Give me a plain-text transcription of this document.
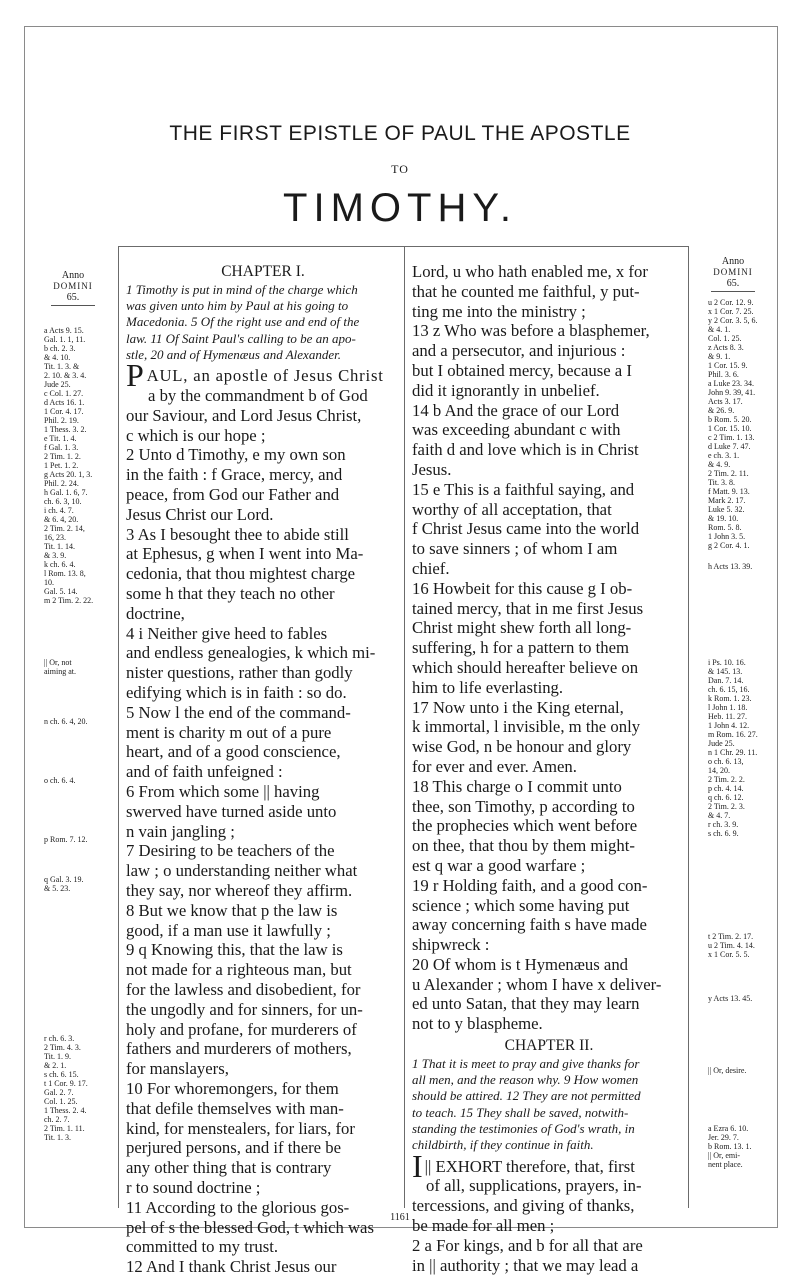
THE FIRST EPISTLE OF PAUL THE APOSTLE
TO
TIMOTHY.
Anno
DOMINI
65.
Anno
DOMINI
65.
a Acts 9. 15.
Gal. 1. 1, 11.
b ch. 2. 3.
& 4. 10.
Tit. 1. 3. &
2. 10. & 3. 4.
Jude 25.
c Col. 1. 27.
d Acts 16. 1.
1 Cor. 4. 17.
Phil. 2. 19.
1 Thess. 3. 2.
e Tit. 1. 4.
f Gal. 1. 3.
2 Tim. 1. 2.
1 Pet. 1. 2.
g Acts 20. 1, 3.
Phil. 2. 24.
h Gal. 1. 6, 7.
ch. 6. 3, 10.
i ch. 4. 7.
& 6. 4, 20.
2 Tim. 2. 14,
16, 23.
Tit. 1. 14.
& 3. 9.
k ch. 6. 4.
l Rom. 13. 8,
10.
Gal. 5. 14.
m 2 Tim. 2. 22.
|| Or, not
aiming at.
n ch. 6. 4, 20.
o ch. 6. 4.
p Rom. 7. 12.
q Gal. 3. 19.
& 5. 23.
r ch. 6. 3.
2 Tim. 4. 3.
Tit. 1. 9.
& 2. 1.
s ch. 6. 15.
t 1 Cor. 9. 17.
Gal. 2. 7.
Col. 1. 25.
1 Thess. 2. 4.
ch. 2. 7.
2 Tim. 1. 11.
Tit. 1. 3.
u 2 Cor. 12. 9.
x 1 Cor. 7. 25.
y 2 Cor. 3. 5, 6.
& 4. 1.
Col. 1. 25.
z Acts 8. 3.
& 9. 1.
1 Cor. 15. 9.
Phil. 3. 6.
a Luke 23. 34.
John 9. 39, 41.
Acts 3. 17.
& 26. 9.
b Rom. 5. 20.
1 Cor. 15. 10.
c 2 Tim. 1. 13.
d Luke 7. 47.
e ch. 3. 1.
& 4. 9.
2 Tim. 2. 11.
Tit. 3. 8.
f Matt. 9. 13.
Mark 2. 17.
Luke 5. 32.
& 19. 10.
Rom. 5. 8.
1 John 3. 5.
g 2 Cor. 4. 1.
h Acts 13. 39.
i Ps. 10. 16.
& 145. 13.
Dan. 7. 14.
ch. 6. 15, 16.
k Rom. 1. 23.
l John 1. 18.
Heb. 11. 27.
1 John 4. 12.
m Rom. 16. 27.
Jude 25.
n 1 Chr. 29. 11.
o ch. 6. 13,
14, 20.
2 Tim. 2. 2.
p ch. 4. 14.
q ch. 6. 12.
2 Tim. 2. 3.
& 4. 7.
r ch. 3. 9.
s ch. 6. 9.
t 2 Tim. 2. 17.
u 2 Tim. 4. 14.
x 1 Cor. 5. 5.
y Acts 13. 45.
|| Or, desire.
a Ezra 6. 10.
Jer. 29. 7.
b Rom. 13. 1.
|| Or, emi-
nent place.
CHAPTER I.
1 Timothy is put in mind of the charge which
was given unto him by Paul at his going to
Macedonia. 5 Of the right use and end of the
law. 11 Of Saint Paul's calling to be an apo-
stle, 20 and of Hymenæus and Alexander.
PAUL, an apostle of Jesus Christ
a by the commandment b of God
our Saviour, and Lord Jesus Christ,
c which is our hope ;
2 Unto d Timothy, e my own son
in the faith : f Grace, mercy, and
peace, from God our Father and
Jesus Christ our Lord.
3 As I besought thee to abide still
at Ephesus, g when I went into Ma-
cedonia, that thou mightest charge
some h that they teach no other
doctrine,
4 i Neither give heed to fables
and endless genealogies, k which mi-
nister questions, rather than godly
edifying which is in faith : so do.
5 Now l the end of the command-
ment is charity m out of a pure
heart, and of a good conscience,
and of faith unfeigned :
6 From which some || having
swerved have turned aside unto
n vain jangling ;
7 Desiring to be teachers of the
law ; o understanding neither what
they say, nor whereof they affirm.
8 But we know that p the law is
good, if a man use it lawfully ;
9 q Knowing this, that the law is
not made for a righteous man, but
for the lawless and disobedient, for
the ungodly and for sinners, for un-
holy and profane, for murderers of
fathers and murderers of mothers,
for manslayers,
10 For whoremongers, for them
that defile themselves with man-
kind, for menstealers, for liars, for
perjured persons, and if there be
any other thing that is contrary
r to sound doctrine ;
11 According to the glorious gos-
pel of s the blessed God, t which was
committed to my trust.
12 And I thank Christ Jesus our
Lord, u who hath enabled me, x for
that he counted me faithful, y put-
ting me into the ministry ;
13 z Who was before a blasphemer,
and a persecutor, and injurious :
but I obtained mercy, because a I
did it ignorantly in unbelief.
14 b And the grace of our Lord
was exceeding abundant c with
faith d and love which is in Christ
Jesus.
15 e This is a faithful saying, and
worthy of all acceptation, that
f Christ Jesus came into the world
to save sinners ; of whom I am
chief.
16 Howbeit for this cause g I ob-
tained mercy, that in me first Jesus
Christ might shew forth all long-
suffering, h for a pattern to them
which should hereafter believe on
him to life everlasting.
17 Now unto i the King eternal,
k immortal, l invisible, m the only
wise God, n be honour and glory
for ever and ever. Amen.
18 This charge o I commit unto
thee, son Timothy, p according to
the prophecies which went before
on thee, that thou by them might-
est q war a good warfare ;
19 r Holding faith, and a good con-
science ; which some having put
away concerning faith s have made
shipwreck :
20 Of whom is t Hymenæus and
u Alexander ; whom I have x deliver-
ed unto Satan, that they may learn
not to y blaspheme.
CHAPTER II.
1 That it is meet to pray and give thanks for
all men, and the reason why. 9 How women
should be attired. 12 They are not permitted
to teach. 15 They shall be saved, notwith-
standing the testimonies of God's wrath, in
childbirth, if they continue in faith.
I || EXHORT therefore, that, first
of all, supplications, prayers, in-
tercessions, and giving of thanks,
be made for all men ;
2 a For kings, and b for all that are
in || authority ; that we may lead a
1161
